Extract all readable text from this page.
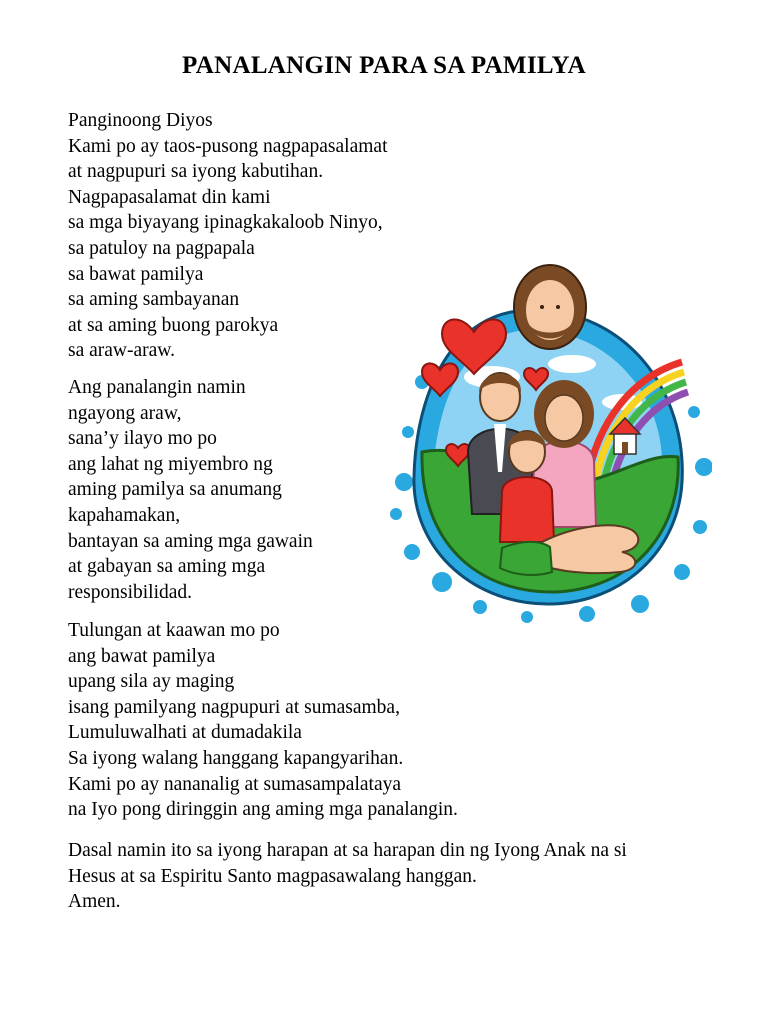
PANALANGIN PARA SA PAMILYA
Panginoong Diyos
Kami po ay taos-pusong nagpapasalamat
at nagpupuri sa iyong kabutihan.
Nagpapasalamat din kami
sa mga biyayang ipinagkakaloob Ninyo,
sa patuloy na pagpapala
sa bawat pamilya
sa aming sambayanan
at sa aming buong parokya
sa araw-araw.
Ang panalangin namin
ngayong araw,
sana’y ilayo mo po
ang lahat ng miyembro ng
aming pamilya sa anumang
kapahamakan,
bantayan sa aming mga gawain
at gabayan sa aming mga
responsibilidad.
Tulungan at kaawan mo po
ang bawat pamilya
upang sila ay maging
isang pamilyang nagpupuri at sumasamba,
Lumuluwalhati at dumadakila
Sa iyong walang hanggang kapangyarihan.
Kami po ay nananalig at sumasampalataya
na Iyo pong diringgin ang aming mga panalangin.
Dasal namin ito sa iyong harapan at sa harapan din ng Iyong Anak na si
Hesus at sa Espiritu Santo magpasawalang hanggan.
Amen.
